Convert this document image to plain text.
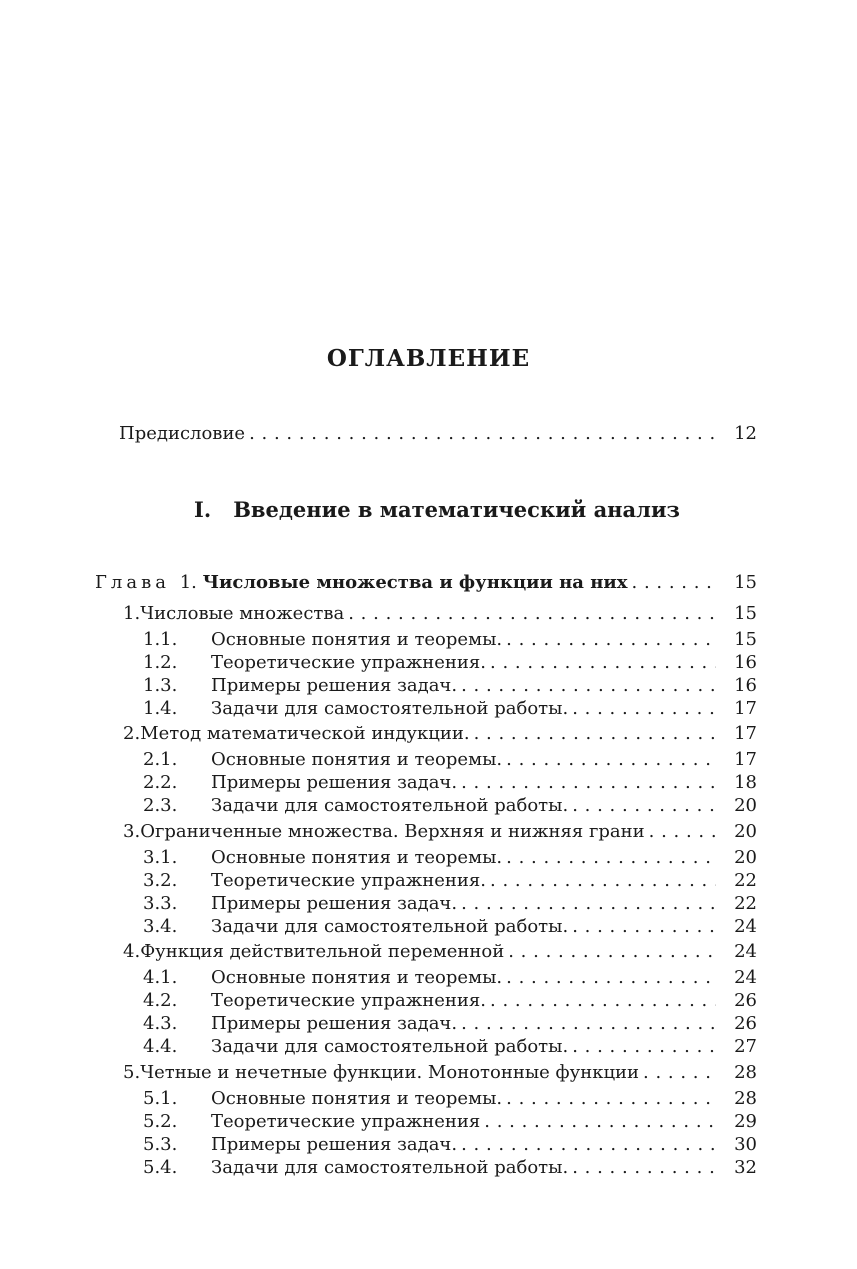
ОГЛАВЛЕНИЕ
Предисловие . . .	12
I. Введение в математический анализ
Глава 1. Числовые множества и функции на них . . .	15
1.Числовые множества . . .	15
1.1. Основные понятия и теоремы. . . .	15
1.2. Теоретические упражнения. . . .	16
1.3. Примеры решения задач. . . .	16
1.4. Задачи для самостоятельной работы. . . .	17
2.Метод математической индукции. . . .	17
2.1. Основные понятия и теоремы. . . .	17
2.2. Примеры решения задач. . . .	18
2.3. Задачи для самостоятельной работы. . . .	20
3.Ограниченные множества. Верхняя и нижняя грани . . .	20
3.1. Основные понятия и теоремы. . . .	20
3.2. Теоретические упражнения. . . .	22
3.3. Примеры решения задач. . . .	22
3.4. Задачи для самостоятельной работы. . . .	24
4.Функция действительной переменной . . .	24
4.1. Основные понятия и теоремы. . . .	24
4.2. Теоретические упражнения. . . .	26
4.3. Примеры решения задач. . . .	26
4.4. Задачи для самостоятельной работы. . . .	27
5.Четные и нечетные функции. Монотонные функции . . .	28
5.1. Основные понятия и теоремы. . . .	28
5.2. Теоретические упражнения . . .	29
5.3. Примеры решения задач. . . .	30
5.4. Задачи для самостоятельной работы. . . .	32
